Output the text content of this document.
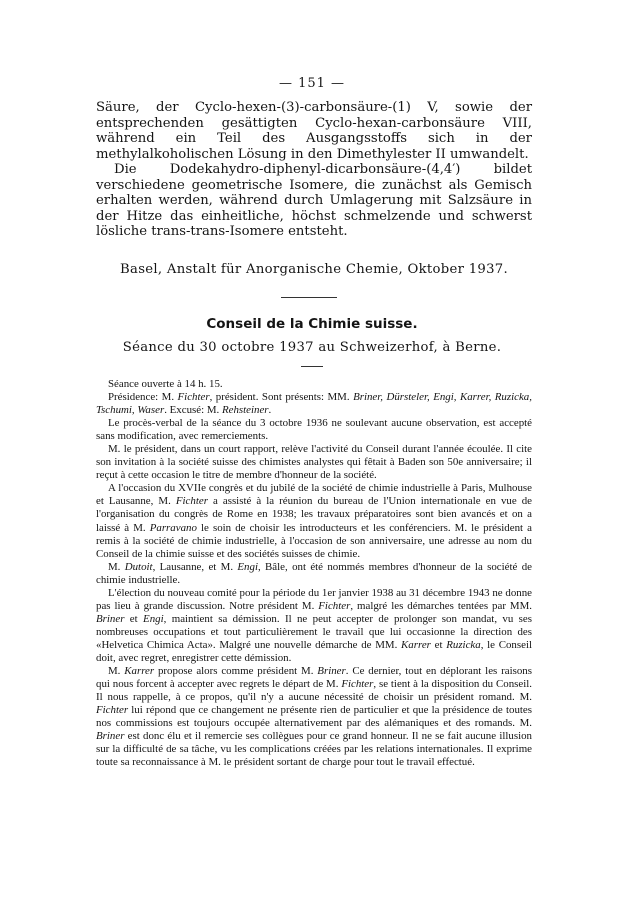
— 151 —

Säure, der Cyclo-hexen-(3)-carbonsäure-(1) V, sowie der entsprechenden gesättigten Cyclo-hexan-carbonsäure VIII, während ein Teil des Ausgangsstoffs sich in der methylalkoholischen Lösung in den Dimethylester II umwandelt.

Die Dodekahydro-diphenyl-dicarbonsäure-(4,4′) bildet verschiedene geometrische Isomere, die zunächst als Gemisch erhalten werden, während durch Umlagerung mit Salzsäure in der Hitze das einheitliche, höchst schmelzende und schwerst lösliche trans-trans-Isomere entsteht.

Basel, Anstalt für Anorganische Chemie, Oktober 1937.
Conseil de la Chimie suisse.
Séance du 30 octobre 1937 au Schweizerhof, à Berne.

Séance ouverte à 14 h. 15.

Présidence: M. Fichter, président. Sont présents: MM. Briner, Dürsteler, Engi, Karrer, Ruzicka, Tschumi, Waser. Excusé: M. Rehsteiner.

Le procès-verbal de la séance du 3 octobre 1936 ne soulevant aucune observation, est accepté sans modification, avec remerciements.

M. le président, dans un court rapport, relève l'activité du Conseil durant l'année écoulée. Il cite son invitation à la société suisse des chimistes analystes qui fêtait à Baden son 50e anniversaire; il reçut à cette occasion le titre de membre d'honneur de la société.

A l'occasion du XVIIe congrès et du jubilé de la société de chimie industrielle à Paris, Mulhouse et Lausanne, M. Fichter a assisté à la réunion du bureau de l'Union internationale en vue de l'organisation du congrès de Rome en 1938; les travaux préparatoires sont bien avancés et on a laissé à M. Parravano le soin de choisir les introducteurs et les conférenciers. M. le président a remis à la société de chimie industrielle, à l'occasion de son anniversaire, une adresse au nom du Conseil de la chimie suisse et des sociétés suisses de chimie.

M. Dutoit, Lausanne, et M. Engi, Bâle, ont été nommés membres d'honneur de la société de chimie industrielle.

L'élection du nouveau comité pour la période du 1er janvier 1938 au 31 décembre 1943 ne donne pas lieu à grande discussion. Notre président M. Fichter, malgré les démarches tentées par MM. Briner et Engi, maintient sa démission. Il ne peut accepter de prolonger son mandat, vu ses nombreuses occupations et tout particulièrement le travail que lui occasionne la direction des «Helvetica Chimica Acta». Malgré une nouvelle démarche de MM. Karrer et Ruzicka, le Conseil doit, avec regret, enregistrer cette démission.

M. Karrer propose alors comme président M. Briner. Ce dernier, tout en déplorant les raisons qui nous forcent à accepter avec regrets le départ de M. Fichter, se tient à la disposition du Conseil. Il nous rappelle, à ce propos, qu'il n'y a aucune nécessité de choisir un président romand. M. Fichter lui répond que ce changement ne présente rien de particulier et que la présidence de toutes nos commissions est toujours occupée alternativement par des alémaniques et des romands. M. Briner est donc élu et il remercie ses collègues pour ce grand honneur. Il ne se fait aucune illusion sur la difficulté de sa tâche, vu les complications créées par les relations internationales. Il exprime toute sa reconnaissance à M. le président sortant de charge pour tout le travail effectué.
